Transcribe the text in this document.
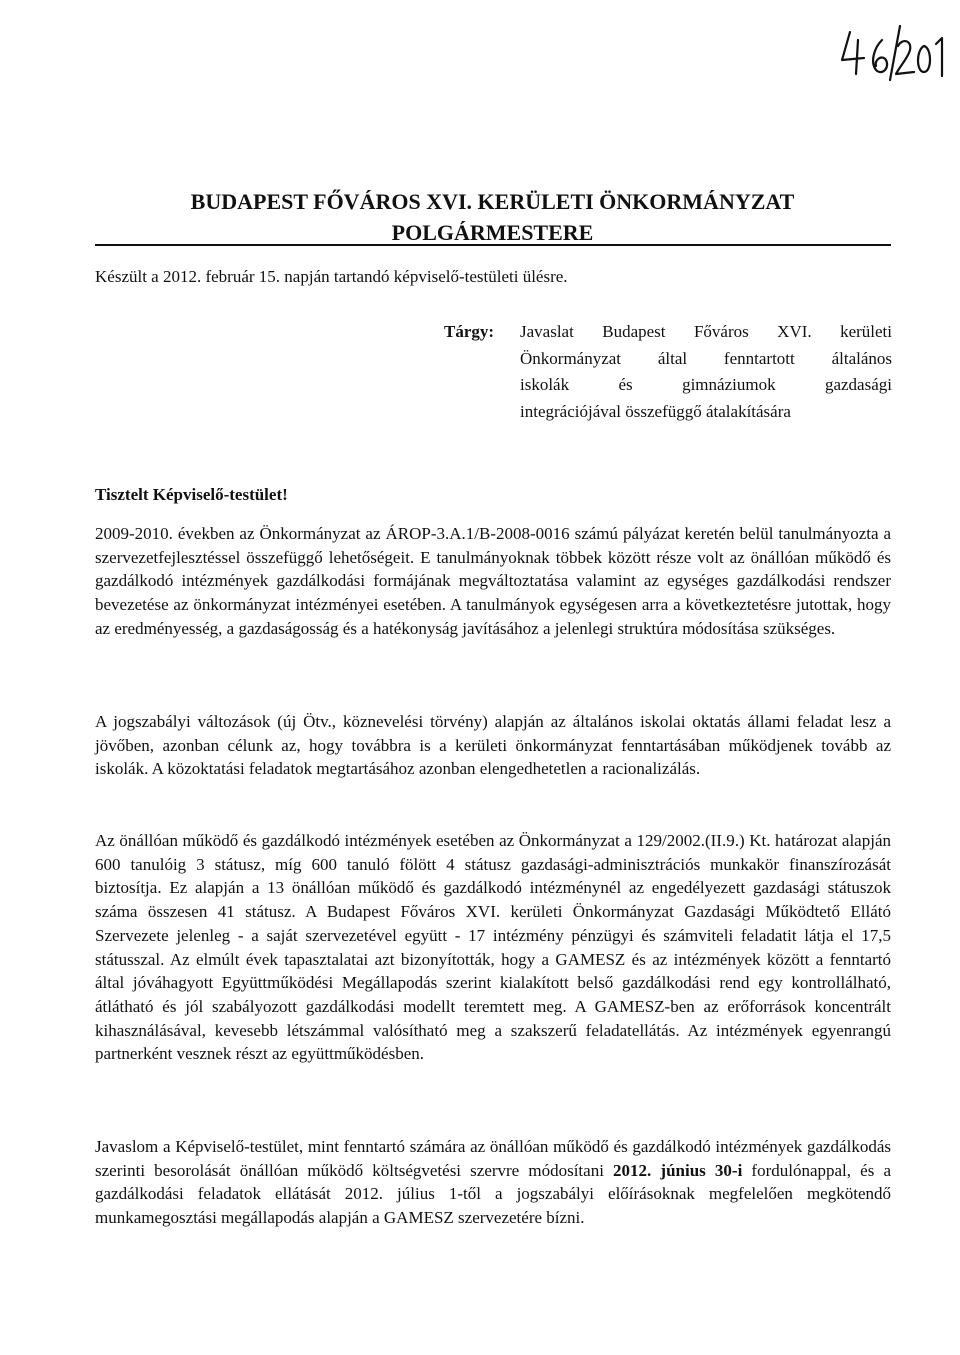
BUDAPEST FŐVÁROS XVI. KERÜLETI ÖNKORMÁNYZAT
POLGÁRMESTERE
Készült a 2012. február 15. napján tartandó képviselő-testületi ülésre.
Tárgy: Javaslat Budapest Főváros XVI. kerületi
Önkormányzat által fenntartott általános
iskolák és gimnáziumok gazdasági
integrációjával összefüggő átalakítására
Tisztelt Képviselő-testület!
2009-2010. években az Önkormányzat az ÁROP-3.A.1/B-2008-0016 számú pályázat keretén belül tanulmányozta a szervezetfejlesztéssel összefüggő lehetőségeit. E tanulmányoknak többek között része volt az önállóan működő és gazdálkodó intézmények gazdálkodási formájának megváltoztatása valamint az egységes gazdálkodási rendszer bevezetése az önkormányzat intézményei esetében. A tanulmányok egységesen arra a következtetésre jutottak, hogy az eredményesség, a gazdaságosság és a hatékonyság javításához a jelenlegi struktúra módosítása szükséges.
A jogszabályi változások (új Ötv., köznevelési törvény) alapján az általános iskolai oktatás állami feladat lesz a jövőben, azonban célunk az, hogy továbbra is a kerületi önkormányzat fenntartásában működjenek tovább az iskolák. A közoktatási feladatok megtartásához azonban elengedhetetlen a racionalizálás.
Az önállóan működő és gazdálkodó intézmények esetében az Önkormányzat a 129/2002.(II.9.) Kt. határozat alapján 600 tanulóig 3 státusz, míg 600 tanuló fölött 4 státusz gazdasági-adminisztrációs munkakör finanszírozását biztosítja. Ez alapján a 13 önállóan működő és gazdálkodó intézménynél az engedélyezett gazdasági státuszok száma összesen 41 státusz. A Budapest Főváros XVI. kerületi Önkormányzat Gazdasági Működtető Ellátó Szervezete jelenleg - a saját szervezetével együtt - 17 intézmény pénzügyi és számviteli feladatit látja el 17,5 státusszal. Az elmúlt évek tapasztalatai azt bizonyították, hogy a GAMESZ és az intézmények között a fenntartó által jóváhagyott Együttműködési Megállapodás szerint kialakított belső gazdálkodási rend egy kontrollálható, átlátható és jól szabályozott gazdálkodási modellt teremtett meg. A GAMESZ-ben az erőforrások koncentrált kihasználásával, kevesebb létszámmal valósítható meg a szakszerű feladatellátás. Az intézmények egyenrangú partnerként vesznek részt az együttműködésben.
Javaslom a Képviselő-testület, mint fenntartó számára az önállóan működő és gazdálkodó intézmények gazdálkodás szerinti besorolását önállóan működő költségvetési szervre módosítani 2012. június 30-i fordulónappal, és a gazdálkodási feladatok ellátását 2012. július 1-től a jogszabályi előírásoknak megfelelően megkötendő munkamegosztási megállapodás alapján a GAMESZ szervezetére bízni.
